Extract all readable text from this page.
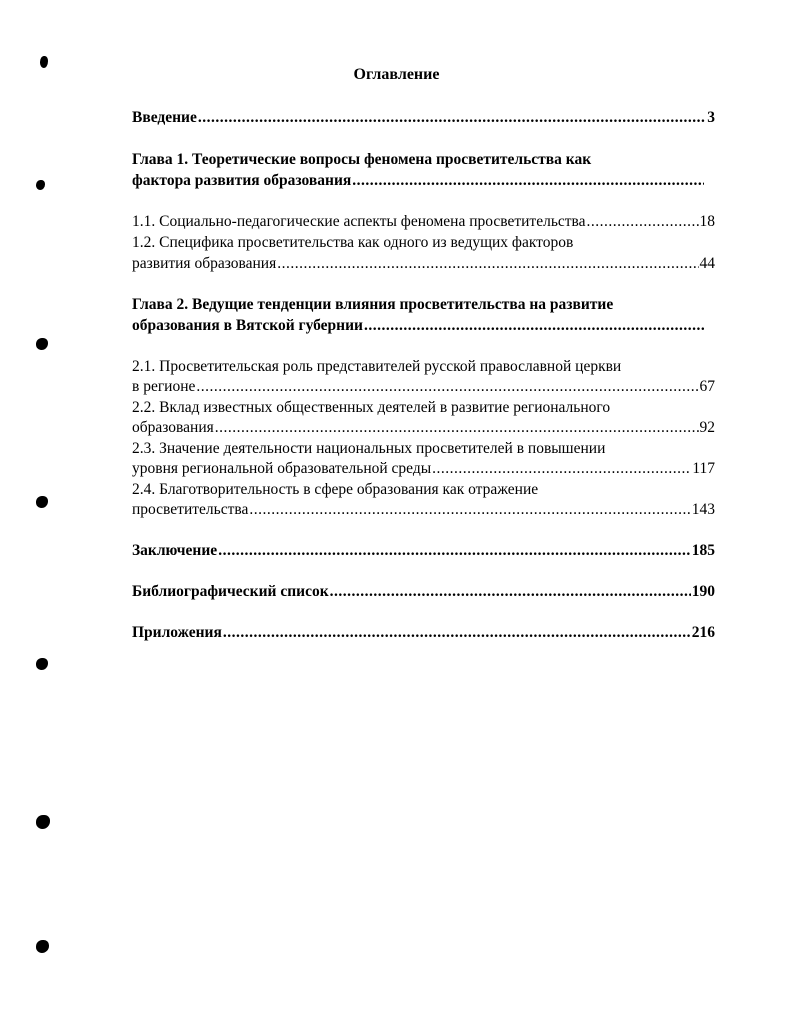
Оглавление
Введение .....	3
Глава 1. Теоретические вопросы феномена просветительства как
фактора развития образования
.....
1.1. Социально-педагогические аспекты феномена просветительства .....	18
1.2. Специфика просветительства как одного из ведущих факторов
развития образования .....	44
Глава 2. Ведущие тенденции влияния просветительства на развитие
образования в Вятской губернии
.....
2.1. Просветительская роль представителей русской православной церкви
в регионе .....	67
2.2. Вклад известных общественных деятелей в развитие регионального
образования .....	92
2.3. Значение деятельности национальных просветителей в повышении
уровня региональной образовательной среды .....	117
2.4. Благотворительность в сфере образования как отражение
просветительства .....	143
Заключение .....	185
Библиографический список .....	190
Приложения .....	216
